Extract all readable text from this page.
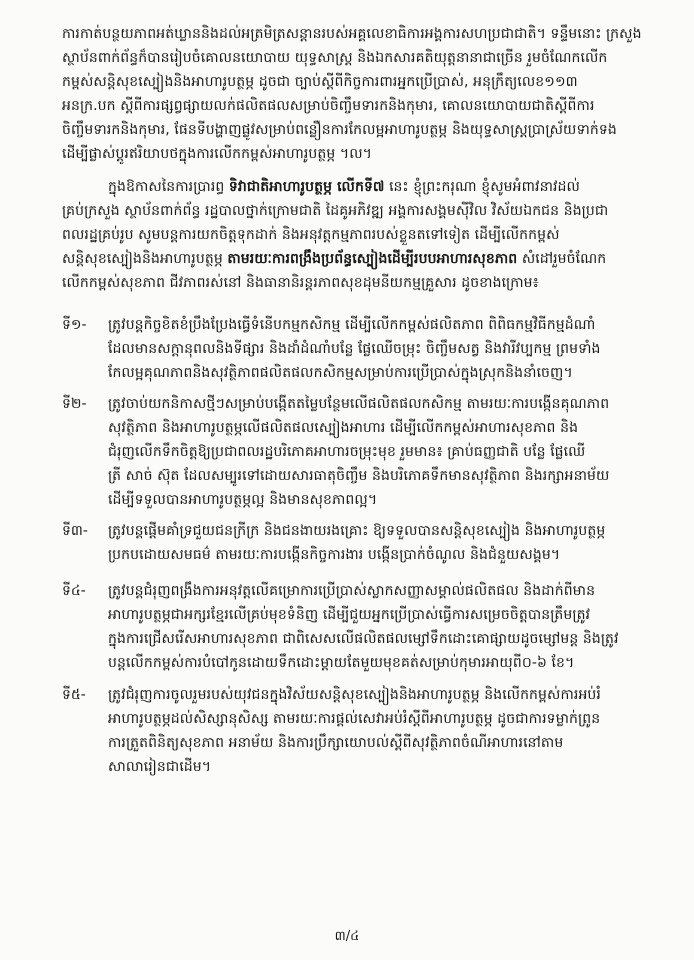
ការកាត់បន្ថយភាពអត់ឃ្លាននិងដល់អត្រមិត្រសន្តានរបស់អគ្គលេខាធិការអង្គការសហប្រជាជាតិ។ ទន្ទឹមនោះ ក្រសួង
ស្ថាប័នពាក់ព័ន្ធក៏បានរៀបចំគោលនយោបាយ យុទ្ធសាស្ត្រ និងឯកសារគតិយុត្តនានាជាច្រើន រួមចំណែកលើក
កម្ពស់សន្តិសុខស្បៀងនិងអាហារូបត្ថម្ភ ដូចជា ច្បាប់ស្តីពីកិច្ចការពារអ្នកប្រើប្រាស់, អនុក្រឹត្យលេខ១១៣
អនក្រ.បក ស្តីពីការផ្សព្វផ្សាយលក់ផលិតផលសម្រាប់ចិញ្ចឹមទារកនិងកុមារ, គោលនយោបាយជាតិស្តីពីការ
ចិញ្ចឹមទារកនិងកុមារ, ផែនទីបង្ហាញផ្លូវសម្រាប់ពន្លឿនការកែលម្អអាហារូបត្ថម្ភ និងយុទ្ធសាស្ត្រប្រាស្រ័យទាក់ទង
ដើម្បីផ្លាស់ប្តូរឥរិយាបថក្នុងការលើកកម្ពស់អាហារូបត្ថម្ភ ។ល។
ក្នុងឱកាសនៃការប្រារព្ធ ទិវាជាតិអាហារូបត្ថម្ភ លើកទី៧ នេះ ខ្ញុំព្រះករុណា ខ្ញុំសូមអំពាវនាវដល់
គ្រប់ក្រសួង ស្ថាប័នពាក់ព័ន្ធ រដ្ឋបាលថ្នាក់ក្រោមជាតិ ដៃគូអភិវឌ្ឍ អង្គការសង្គមស៊ីវិល វិស័យឯកជន និងប្រជា
ពលរដ្ឋគ្រប់រូប សូមបន្តការយកចិត្តទុកដាក់ និងអនុវត្តកម្មភាពរបស់ខ្លួនតទៅទៀត ដើម្បីលើកកម្ពស់
សន្តិសុខស្បៀងនិងអាហារូបត្ថម្ភ តាមរយៈការពង្រឹងប្រព័ន្ធស្បៀងដើម្បីរបបអាហារសុខភាព សំដៅរួមចំណែក
លើកកម្ពស់សុខភាព ជីវភាពរស់នៅ និងធានានិរន្តរភាពសុខដុមនីយកម្មគ្រួសារ ដូចខាងក្រោម៖
ទី១-	ត្រូវបន្តកិច្ចខិតខំប្រឹងប្រែងធ្វើទំនើបកម្មកសិកម្ម ដើម្បីលើកកម្ពស់ផលិតភាព ពិពិធកម្មវិធីកម្មដំណាំ
ដែលមានសក្តានុពលនិងទីផ្សារ និងដាំដំណាំបន្លែ ផ្លែឈើចម្រុះ ចិញ្ចឹមសត្វ និងវារីវប្បកម្ម ព្រមទាំង
កែលម្អគុណភាពនិងសុវត្ថិភាពផលិតផលកសិកម្មសម្រាប់ការប្រើប្រាស់ក្នុងស្រុកនិងនាំចេញ។
ទី២-	ត្រូវចាប់យកនិកាសថ្មីៗសម្រាប់បង្កើតតម្លៃបន្ថែមលើផលិតផលកសិកម្ម តាមរយៈការបង្កើនគុណភាព
សុវត្ថិភាព និងអាហារូបត្ថម្ភលើផលិតផលស្បៀងអាហារ ដើម្បីលើកកម្ពស់អាហារសុខភាព និង
ជំរុញលើកទឹកចិត្តឱ្យប្រជាពលរដ្ឋបរិភោគអាហារចម្រុះមុខ រួមមាន៖ គ្រាប់ធញ្ញជាតិ បន្លែ ផ្លែឈើ
ត្រី សាច់ ស៊ុត ដែលសម្បូរទៅដោយសារធាតុចិញ្ចឹម និងបរិភោគទឹកមានសុវត្ថិភាព និងរក្សាអនាម័យ
ដើម្បីទទួលបានអាហារូបត្ថម្ភល្អ និងមានសុខភាពល្អ។
ទី៣-	ត្រូវបន្តផ្ដើមគាំទ្រជួយជនក្រីក្រ និងជនងាយរងគ្រោះ ឱ្យទទួលបានសន្តិសុខស្បៀង និងអាហារូបត្ថម្ភ
ប្រកបដោយសមធម៌ តាមរយៈការបង្កើនកិច្ចការងារ បង្កើនប្រាក់ចំណូល និងជំនួយសង្គម។
ទី៤-	ត្រូវបន្តជំរុញពង្រឹងការអនុវត្តលើគម្រោការប្រើប្រាស់ស្លាកសញ្ញាសម្គាល់ផលិតផល និងដាក់ពីមាន
អាហារូបត្ថម្ភជាអក្សរខ្មែរលើគ្រប់មុខទំនិញ ដើម្បីជួយអ្នកប្រើប្រាស់ធ្វើការសម្រេចចិត្តបានត្រឹមត្រូវ
ក្នុងការជ្រើសរើសអាហារសុខភាព ជាពិសេសលើផលិតផលម្សៅទឹកដោះគោផ្សាយដូចម្សៅមន្ត និងត្រូវ
បន្តលើកកម្ពស់ការបំបៅកូនដោយទឹកដោះម្តាយតែមួយមុខគត់សម្រាប់កុមារអាយុពី០-៦ ខែ។
ទី៥-	ត្រូវជំរុញការចូលរួមរបស់យុវជនក្នុងវិស័យសន្តិសុខស្បៀងនិងអាហារូបត្ថម្ភ និងលើកកម្ពស់ការអប់រំ
អាហារូបត្ថម្ភដល់សិស្សានុសិស្ស តាមរយៈការផ្ដល់សេវាអប់រំស្តីពីអាហារូបត្ថម្ភ ដូចជាការទម្លាក់ព្រូន
ការត្រួតពិនិត្យសុខភាព អនាម័យ និងការប្រឹក្សាយោបល់ស្តីពីសុវត្ថិភាពចំណីអាហារនៅតាម
សាលារៀនជាដើម។
៣/៤
